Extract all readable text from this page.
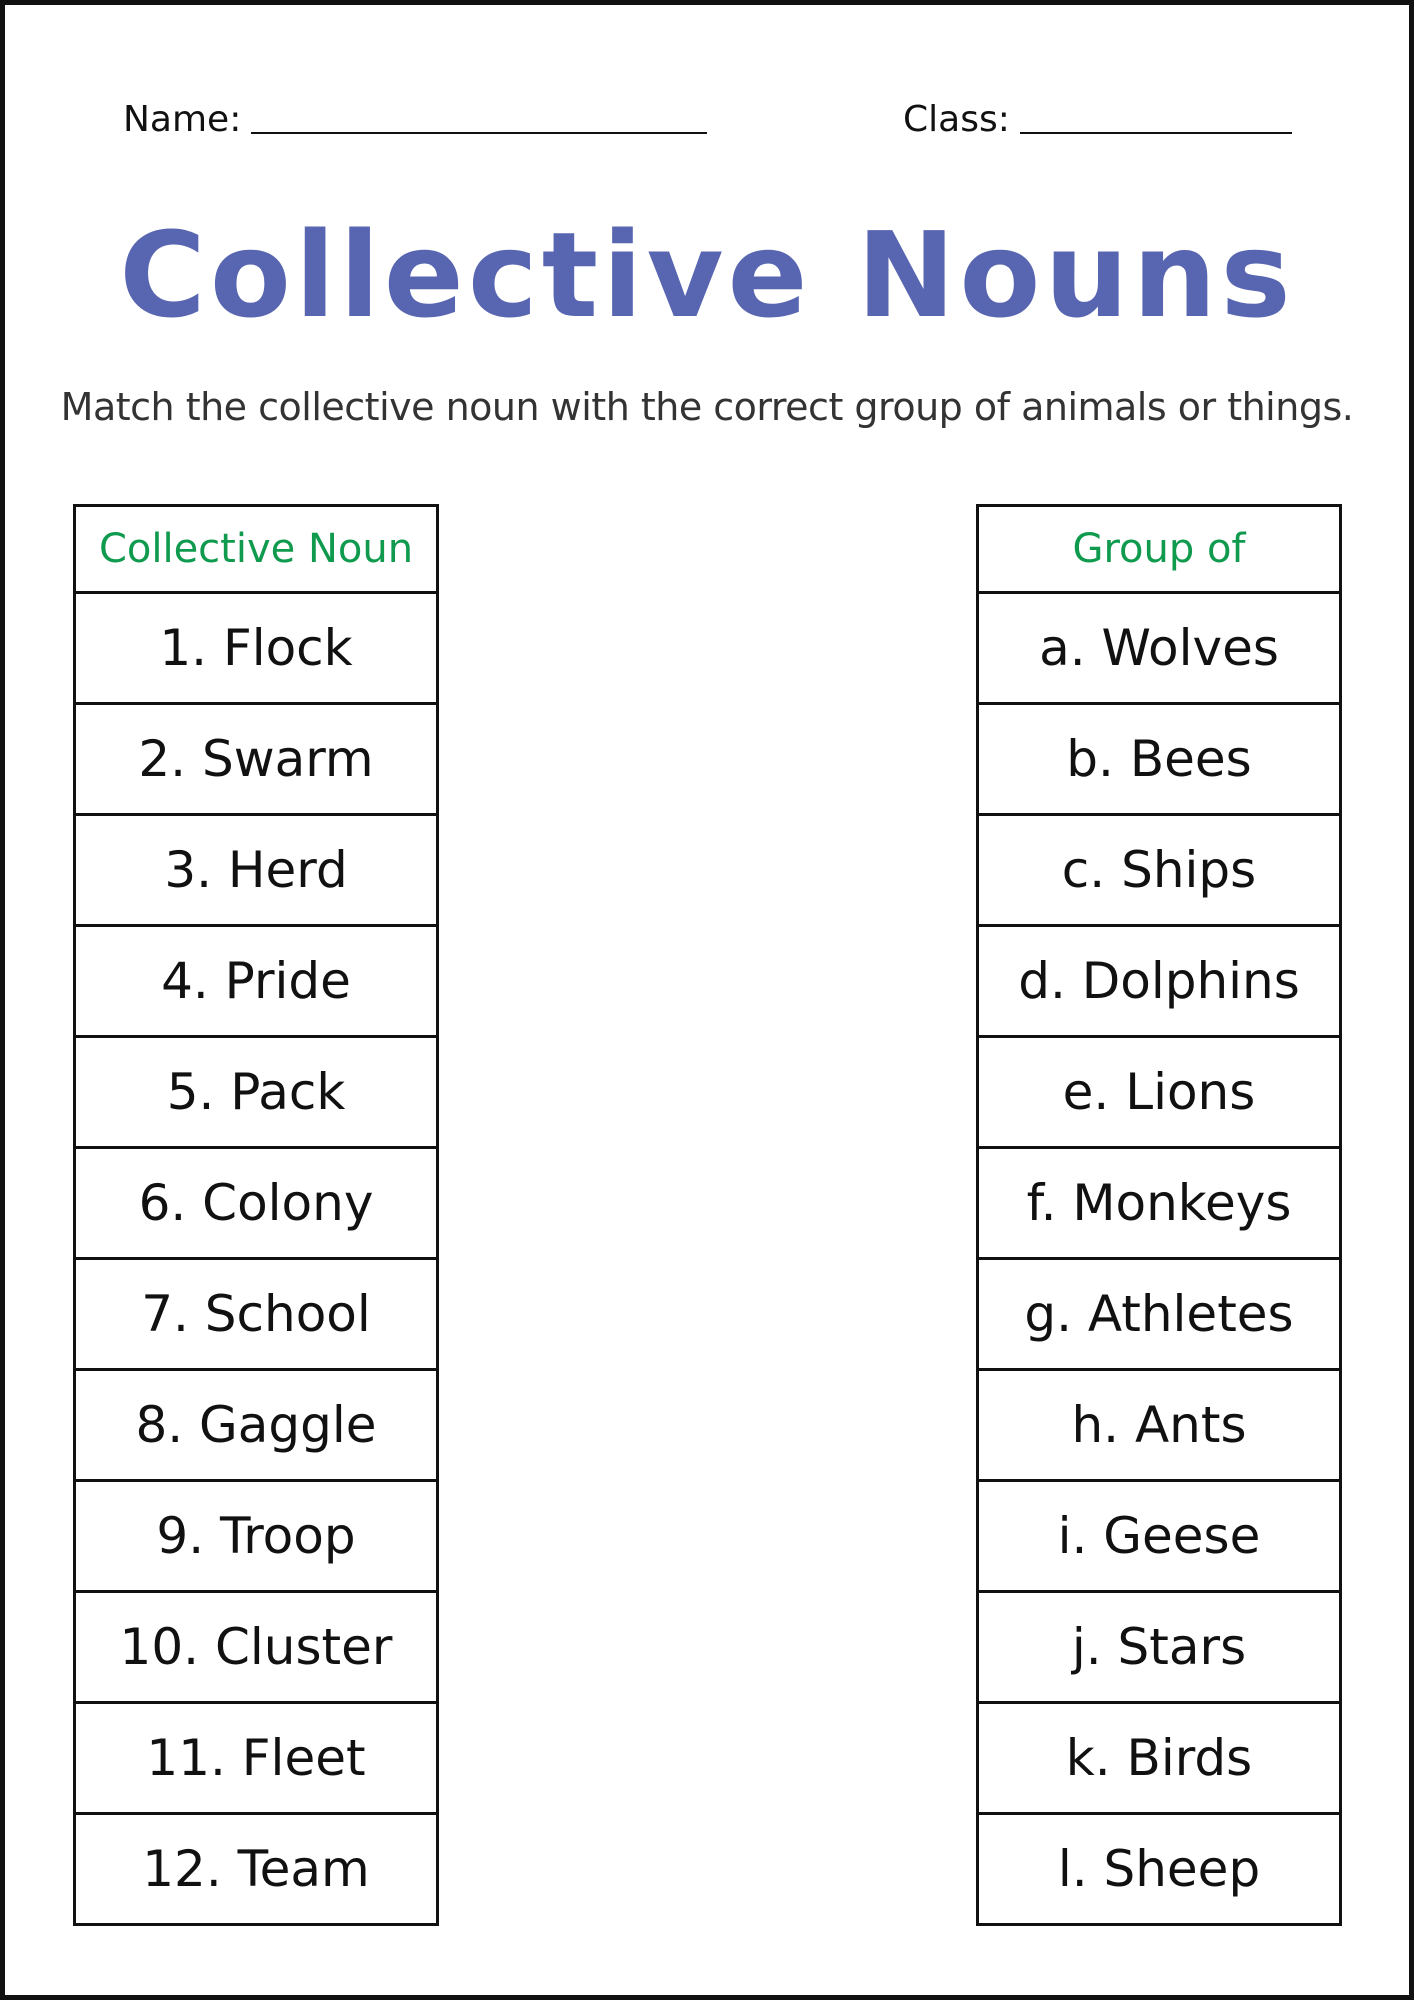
Name:	Class:
Collective Nouns
Match the collective noun with the correct group of animals or things.
Collective Noun
1. Flock
2. Swarm
3. Herd
4. Pride
5. Pack
6. Colony
7. School
8. Gaggle
9. Troop
10. Cluster
11. Fleet
12. Team
Group of
a. Wolves
b. Bees
c. Ships
d. Dolphins
e. Lions
f. Monkeys
g. Athletes
h. Ants
i. Geese
j. Stars
k. Birds
l. Sheep
